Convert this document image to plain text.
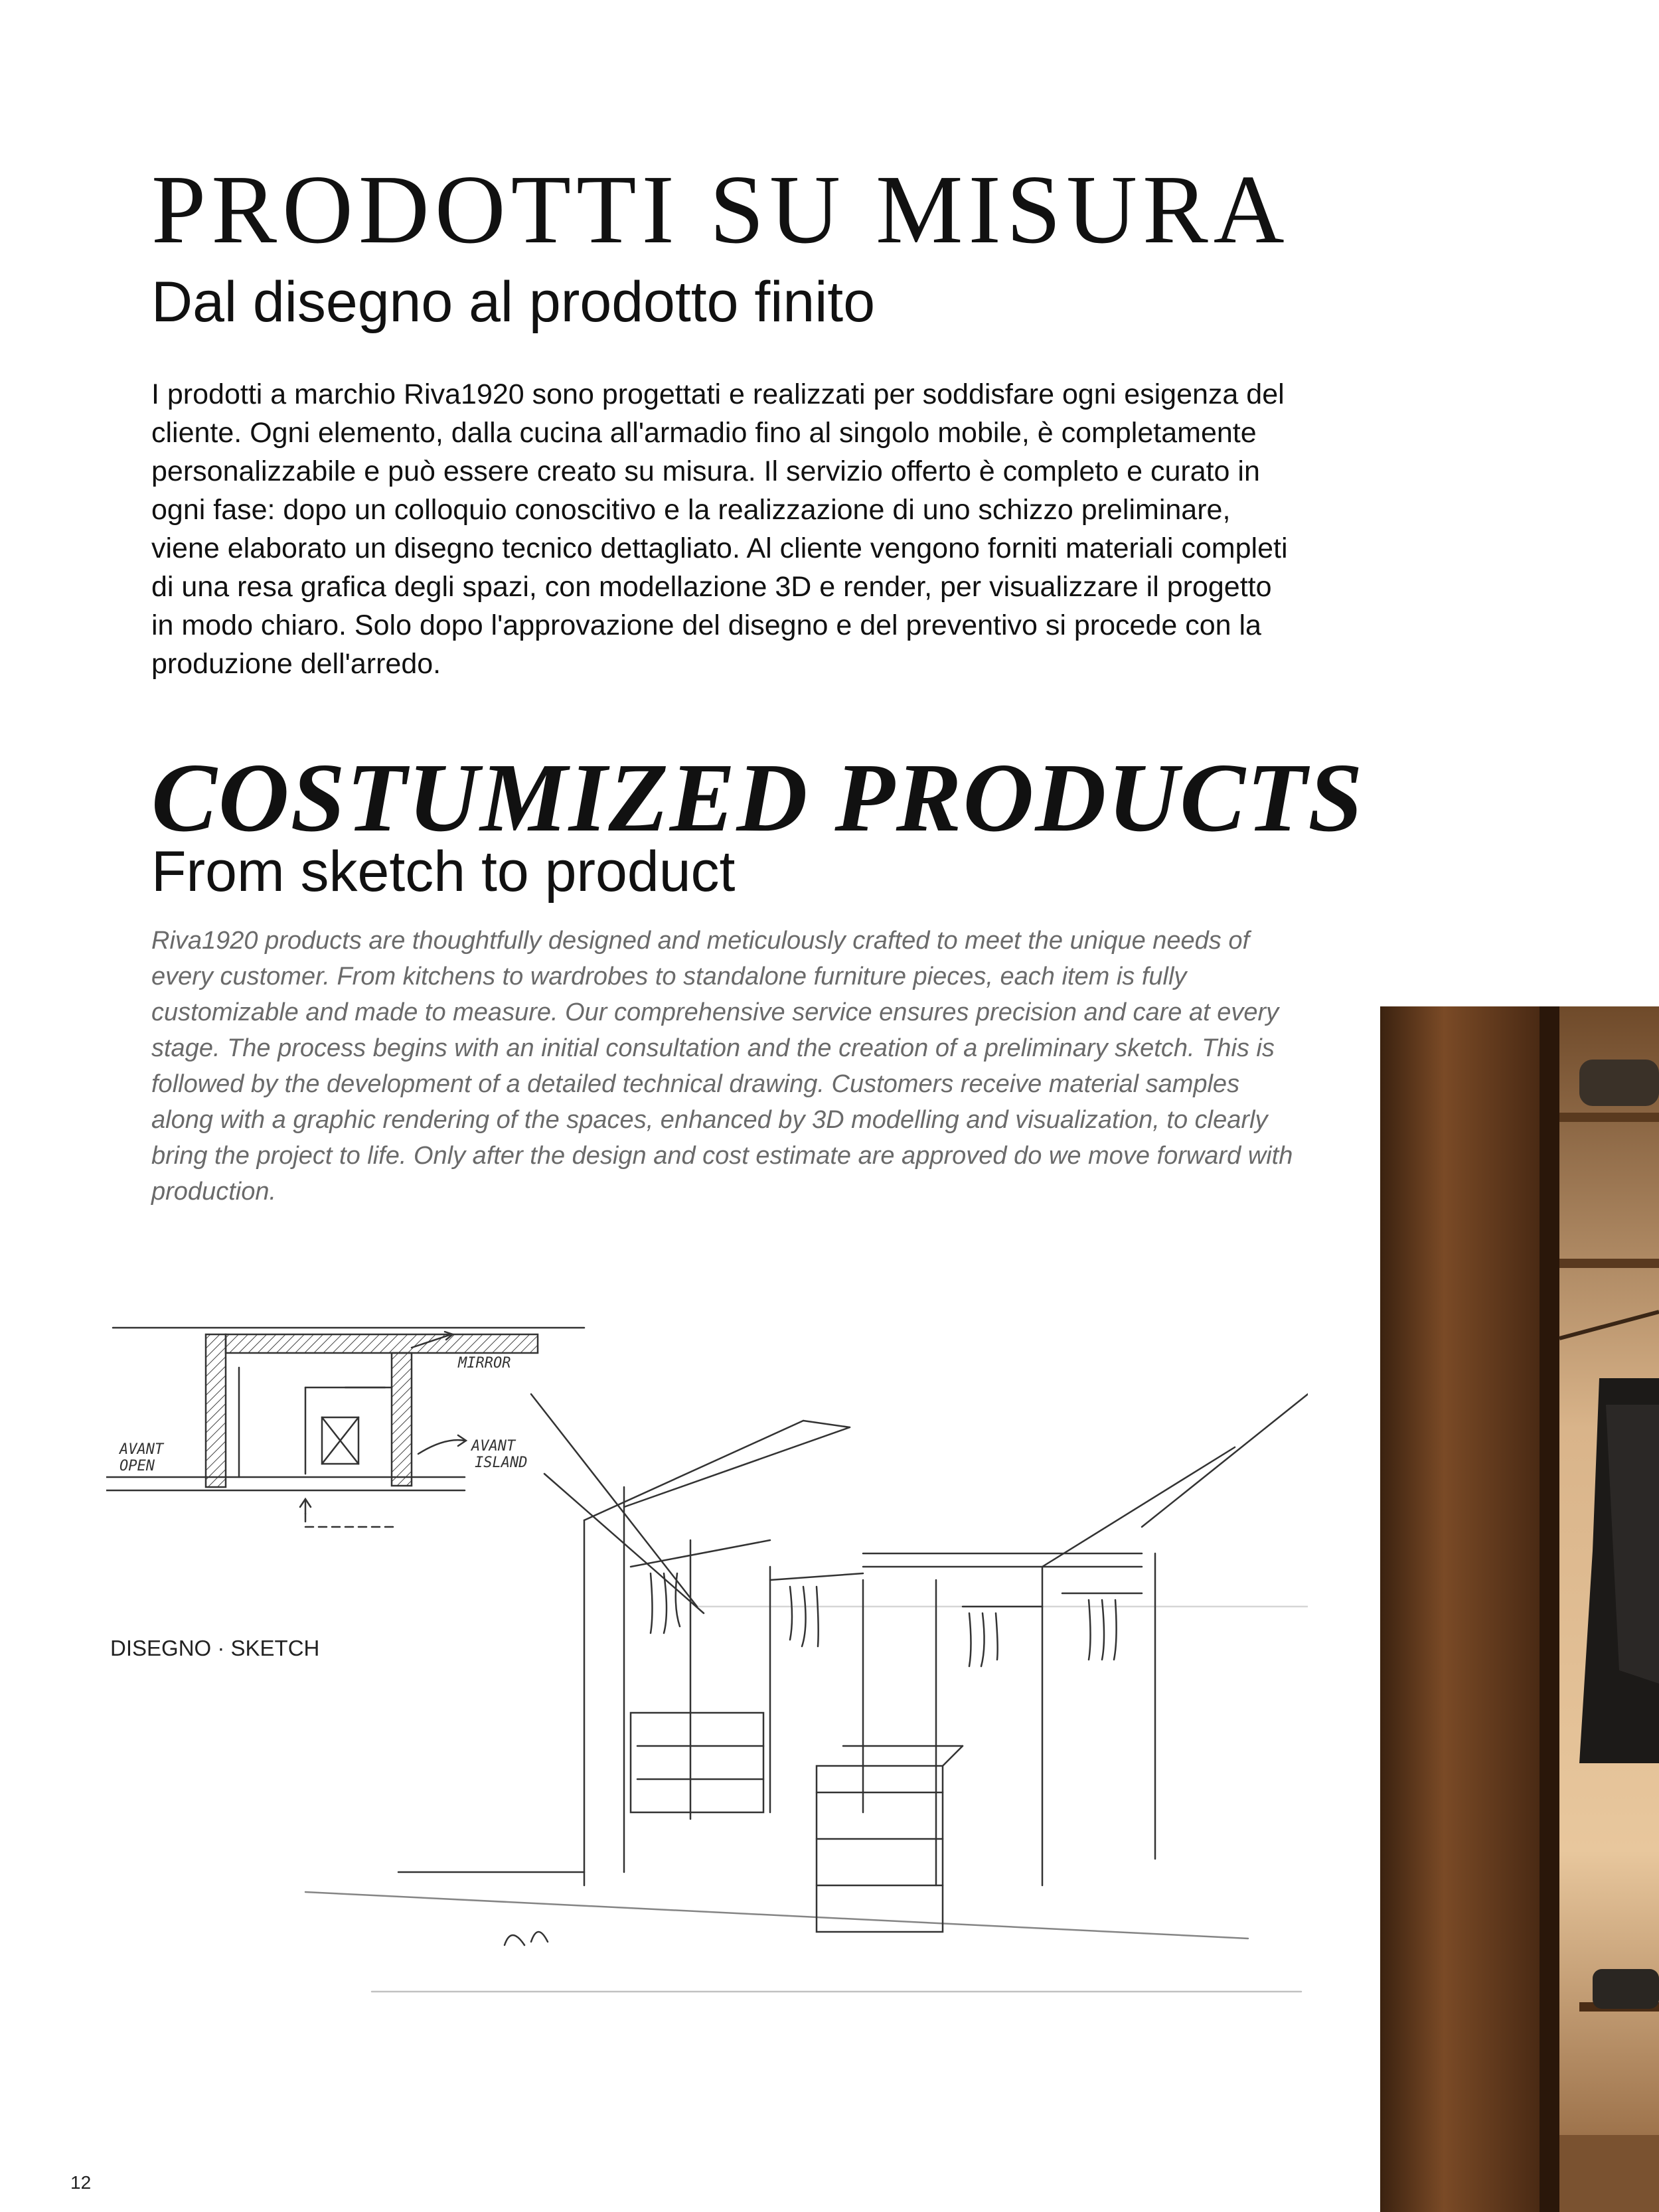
PRODOTTI SU MISURA
Dal disegno al prodotto finito

I prodotti a marchio Riva1920 sono progettati e realizzati per soddisfare ogni esigenza del cliente. Ogni elemento, dalla cucina all'armadio fino al singolo mobile, è completamente personalizzabile e può essere creato su misura. Il servizio offerto è completo e curato in ogni fase: dopo un colloquio conoscitivo e la realizzazione di uno schizzo preliminare, viene elaborato un disegno tecnico dettagliato. Al cliente vengono forniti materiali completi di una resa grafica degli spazi, con modellazione 3D e render, per visualizzare il progetto in modo chiaro. Solo dopo l'approvazione del disegno e del preventivo si procede con la produzione dell'arredo.

COSTUMIZED PRODUCTS
From sketch to product

Riva1920 products are thoughtfully designed and meticulously crafted to meet the unique needs of every customer. From kitchens to wardrobes to standalone furniture pieces, each item is fully customizable and made to measure. Our comprehensive service ensures precision and care at every stage. The process begins with an initial consultation and the creation of a preliminary sketch. This is followed by the development of a detailed technical drawing. Customers receive material samples along with a graphic rendering of the spaces, enhanced by 3D modelling and visualization, to clearly bring the project to life. Only after the design and cost estimate are approved do we move forward with production.

MIRROR
AVANT
OPEN
AVANT
ISLAND

DISEGNO · SKETCH

12
